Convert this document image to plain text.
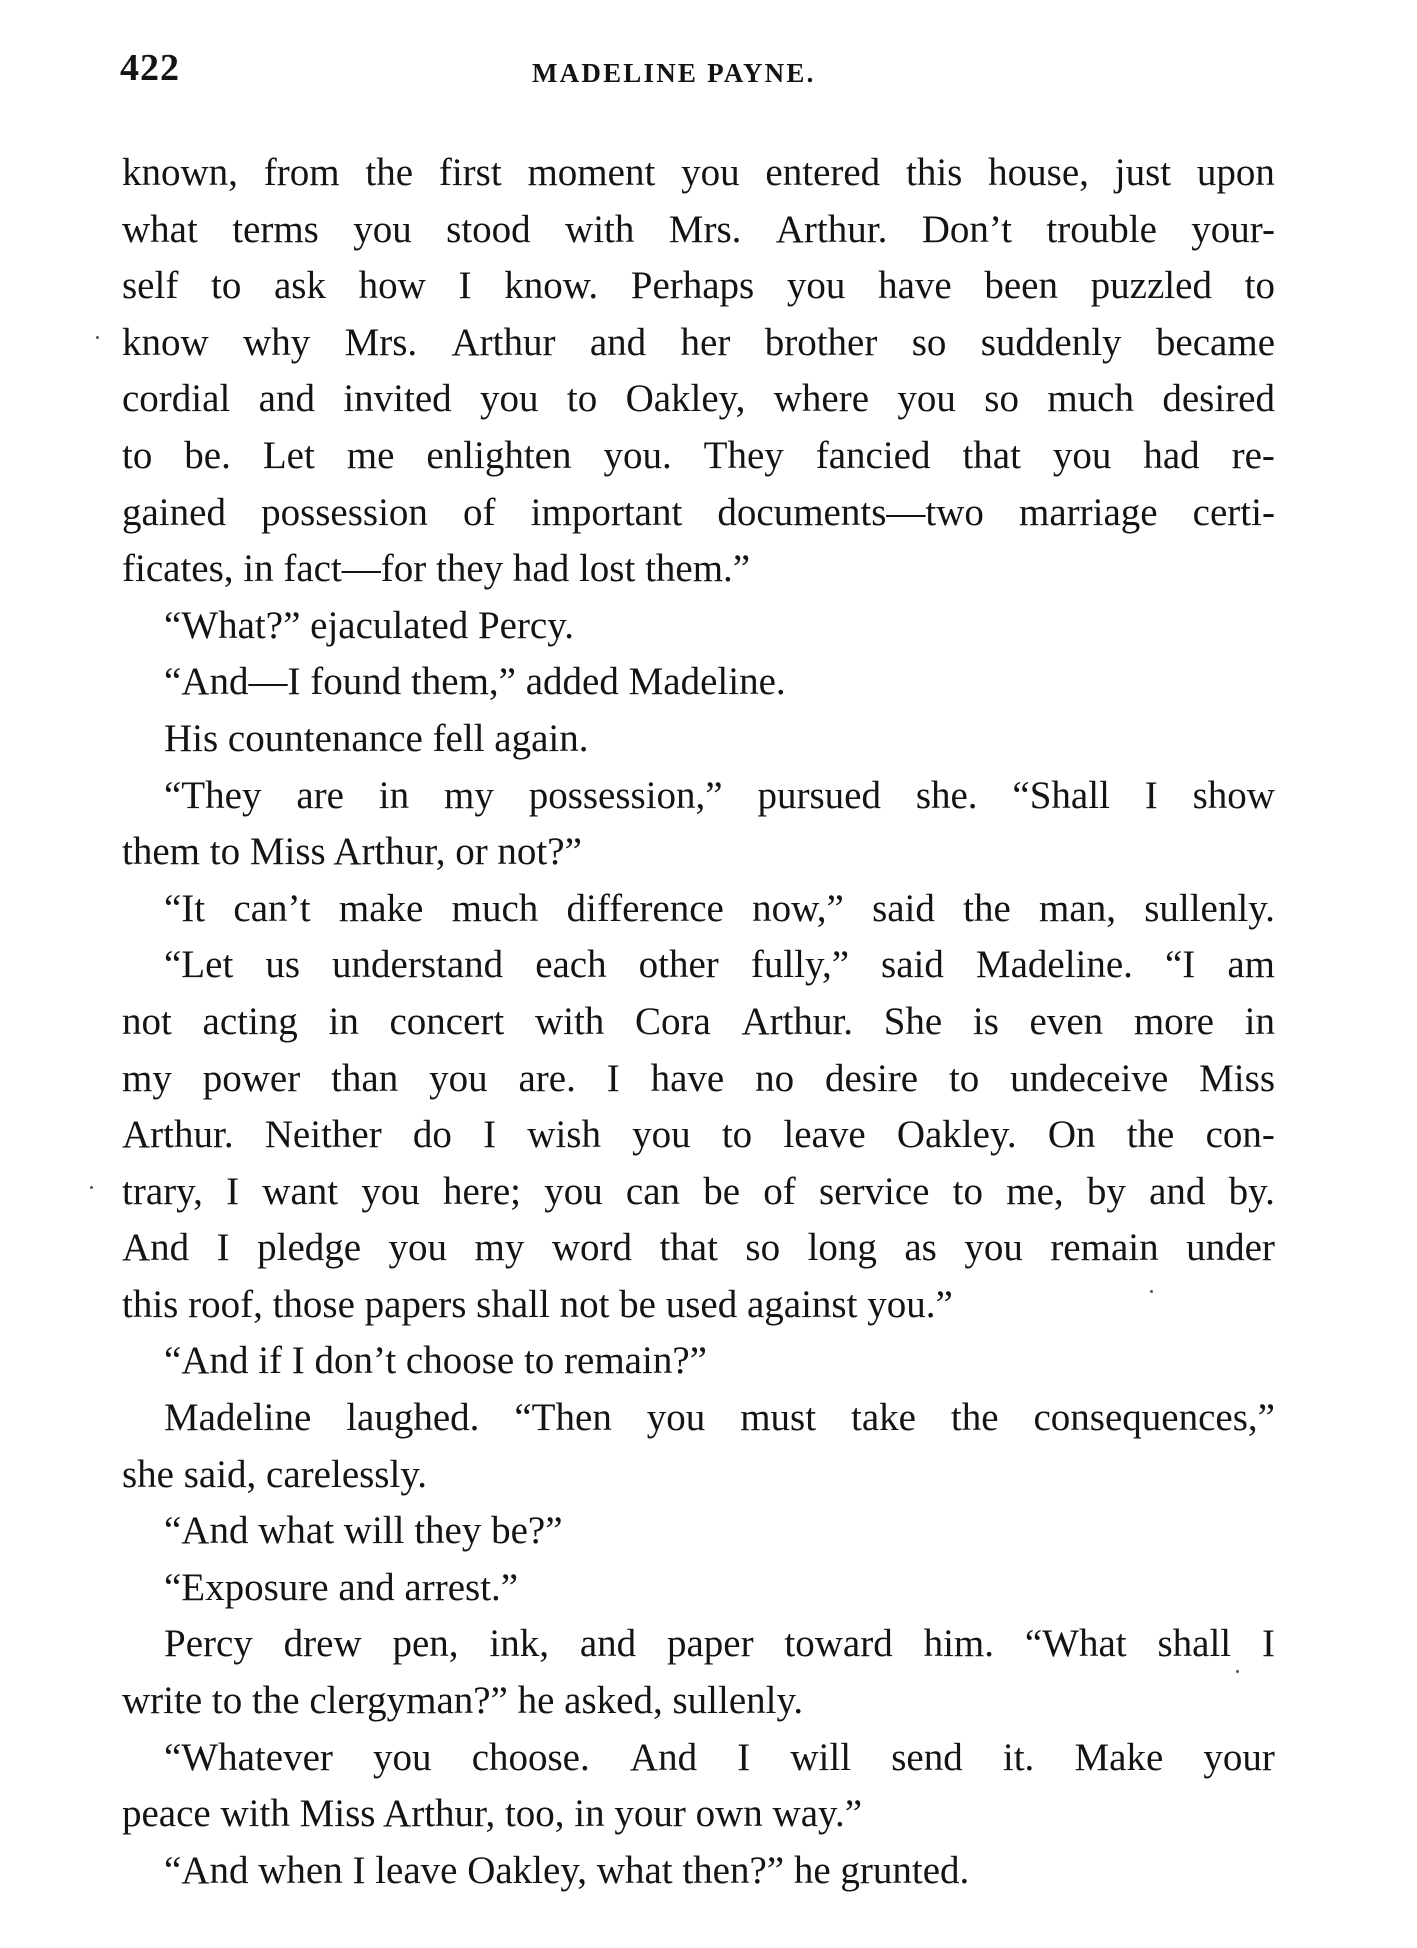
422	MADELINE PAYNE.
known, from the first moment you entered this house, just upon
what terms you stood with Mrs. Arthur. Don’t trouble your-
self to ask how I know. Perhaps you have been puzzled to
know why Mrs. Arthur and her brother so suddenly became
cordial and invited you to Oakley, where you so much desired
to be. Let me enlighten you. They fancied that you had re-
gained possession of important documents—two marriage certi-
ficates, in fact—for they had lost them.”
“What?” ejaculated Percy.
“And—I found them,” added Madeline.
His countenance fell again.
“They are in my possession,” pursued she. “Shall I show
them to Miss Arthur, or not?”
“It can’t make much difference now,” said the man, sullenly.
“Let us understand each other fully,” said Madeline. “I am
not acting in concert with Cora Arthur. She is even more in
my power than you are. I have no desire to undeceive Miss
Arthur. Neither do I wish you to leave Oakley. On the con-
trary, I want you here; you can be of service to me, by and by.
And I pledge you my word that so long as you remain under
this roof, those papers shall not be used against you.”
“And if I don’t choose to remain?”
Madeline laughed. “Then you must take the consequences,”
she said, carelessly.
“And what will they be?”
“Exposure and arrest.”
Percy drew pen, ink, and paper toward him. “What shall I
write to the clergyman?” he asked, sullenly.
“Whatever you choose. And I will send it. Make your
peace with Miss Arthur, too, in your own way.”
“And when I leave Oakley, what then?” he grunted.
